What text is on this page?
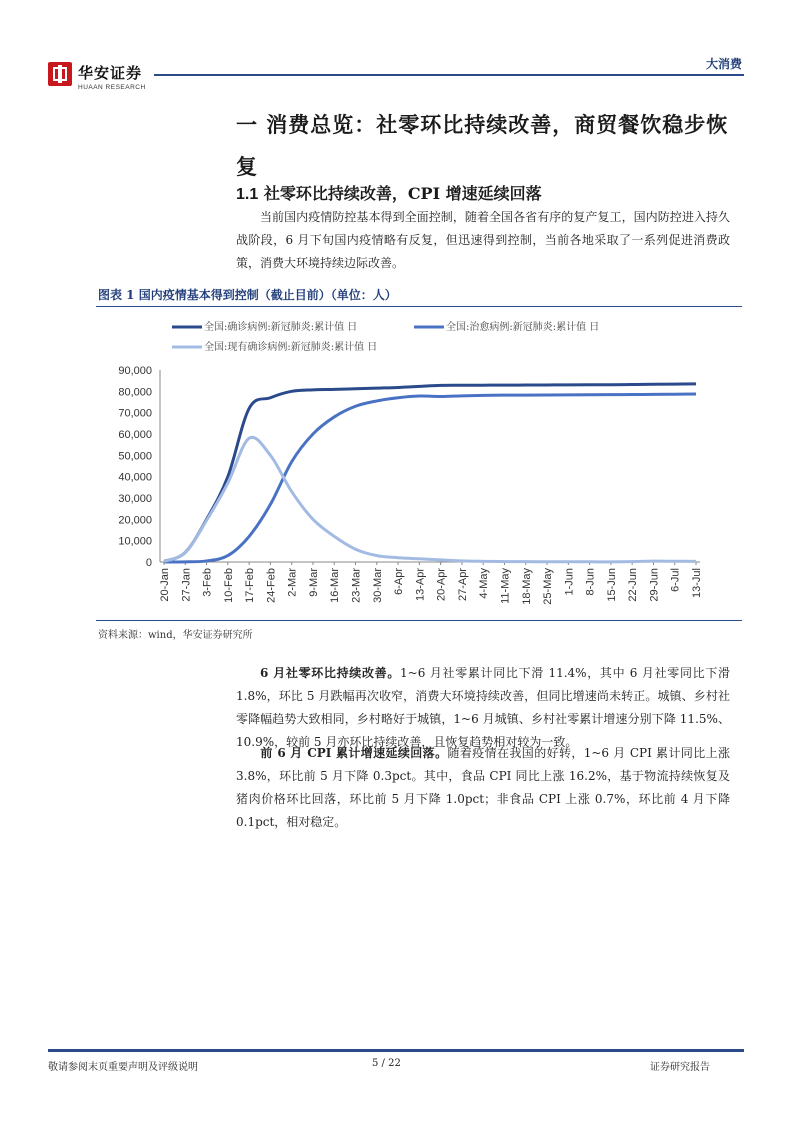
华安证券
HUAAN RESEARCH
大消费
一 消费总览：社零环比持续改善，商贸餐饮稳步恢复
1.1 社零环比持续改善，CPI 增速延续回落
当前国内疫情防控基本得到全面控制，随着全国各省有序的复产复工，国内防控进入持久战阶段，6 月下旬国内疫情略有反复，但迅速得到控制，当前各地采取了一系列促进消费政策，消费大环境持续边际改善。
图表 1 国内疫情基本得到控制（截止目前）（单位：人）
全国:确诊病例:新冠肺炎:累计值 日	全国:治愈病例:新冠肺炎:累计值 日
全国:现有确诊病例:新冠肺炎:累计值 日
0
10,000
20,000
30,000
40,000
50,000
60,000
70,000
80,000
90,000
20-Jan 27-Jan 3-Feb 10-Feb 17-Feb 24-Feb 2-Mar 9-Mar 16-Mar 23-Mar 30-Mar 6-Apr 13-Apr 20-Apr 27-Apr 4-May 11-May 18-May 25-May 1-Jun 8-Jun 15-Jun 22-Jun 29-Jun 6-Jul 13-Jul
资料来源：wind，华安证券研究所
6 月社零环比持续改善。1~6 月社零累计同比下滑 11.4%，其中 6 月社零同比下滑 1.8%，环比 5 月跌幅再次收窄，消费大环境持续改善，但同比增速尚未转正。城镇、乡村社零降幅趋势大致相同，乡村略好于城镇，1~6 月城镇、乡村社零累计增速分别下降 11.5%、10.9%，较前 5 月亦环比持续改善，且恢复趋势相对较为一致。
前 6 月 CPI 累计增速延续回落。随着疫情在我国的好转，1~6 月 CPI 累计同比上涨 3.8%，环比前 5 月下降 0.3pct。其中，食品 CPI 同比上涨 16.2%，基于物流持续恢复及猪肉价格环比回落，环比前 5 月下降 1.0pct；非食品 CPI 上涨 0.7%，环比前 4 月下降 0.1pct，相对稳定。
敬请参阅末页重要声明及评级说明	5 / 22	证券研究报告
